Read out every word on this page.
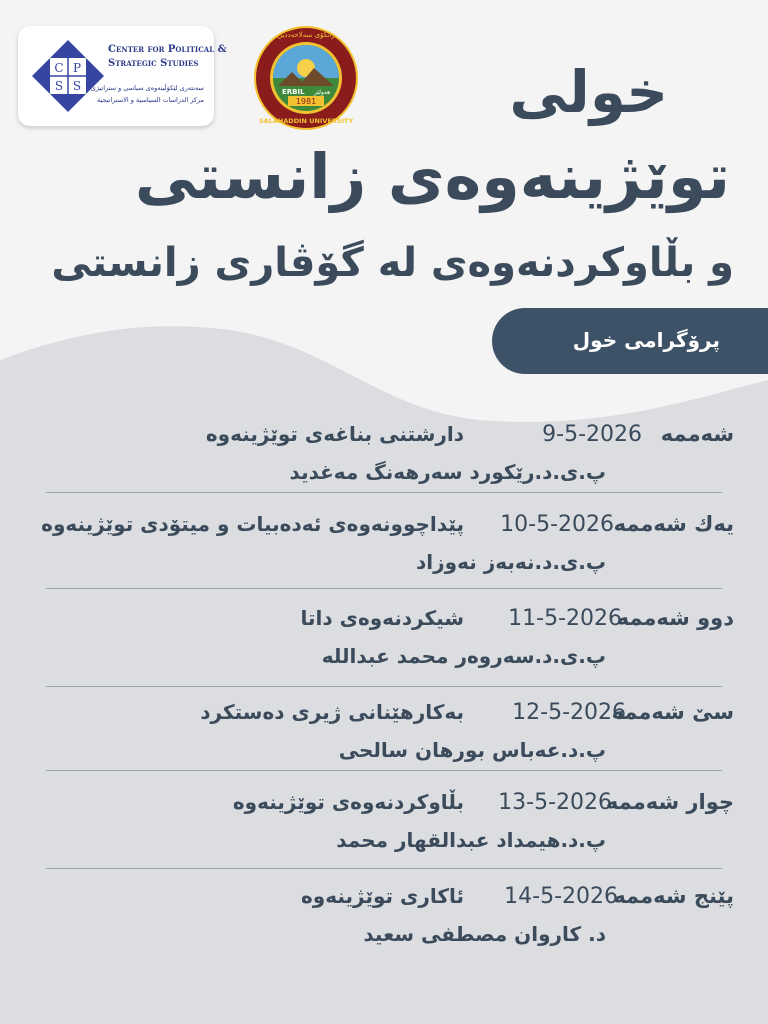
C P
S S
Center for Political &
Strategic Studies
سەنتەری لێکۆڵینەوەی سیاسی و ستراتیژی
مركز الدراسات السياسية و الاستراتيجية	1981
ERBIL هەولێر
زانكۆی سەلاحەددین
SALAHADDIN UNIVERSITY	خولی
توێژینەوەی زانستی
و بڵاوکردنەوەی لە گۆڤاری زانستی
پرۆگرامی خول
شەممە
9-5-2026
دارشتنی بناغەی توێژینەوە
پ.ی.د.رێکورد سەرهەنگ مەغدید
یەك شەممە
10-5-2026
پێداچوونەوەی ئەدەبیات و میتۆدی توێژینەوە
پ.ی.د.نەبەز نەوزاد
دوو شەممە
11-5-2026
شیکردنەوەی داتا
پ.ی.د.سەروەر محمد عبدالله
سێ شەممە
12-5-2026
بەکارهێنانی ژیری دەستکرد
پ.د.عەباس بورهان سالحی
چوار شەممە
13-5-2026
بڵاوکردنەوەی توێژینەوە
پ.د.هیمداد عبدالقهار محمد
پێنج شەممە
14-5-2026
ئاکاری توێژینەوە
د. کاروان مصطفی سعید
